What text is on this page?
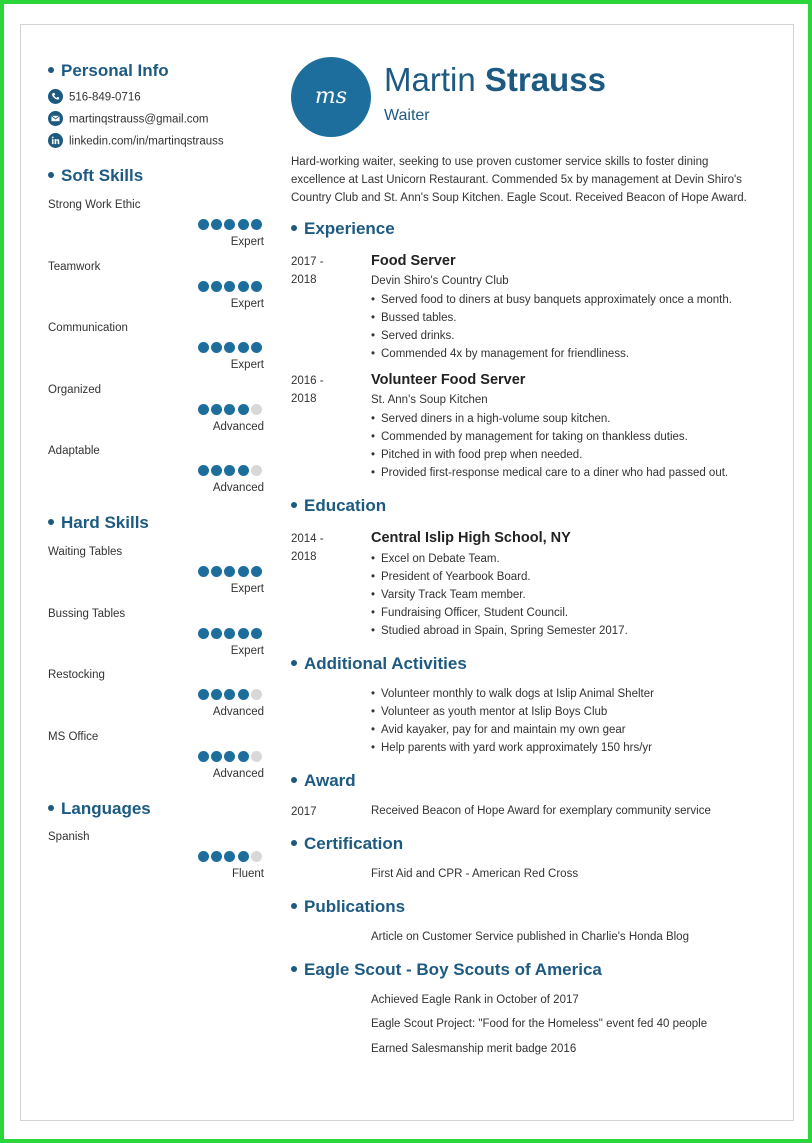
Personal Info
516-849-0716
martinqstrauss@gmail.com
linkedin.com/in/martinqstrauss
Soft Skills
Strong Work Ethic
Expert
Teamwork
Expert
Communication
Expert
Organized
Advanced
Adaptable
Advanced
Hard Skills
Waiting Tables
Expert
Bussing Tables
Expert
Restocking
Advanced
MS Office
Advanced
Languages
Spanish
Fluent
ms	Martin Strauss
Waiter
Hard-working waiter, seeking to use proven customer service skills to foster dining excellence at Last Unicorn Restaurant. Commended 5x by management at Devin Shiro's Country Club and St. Ann's Soup Kitchen. Eagle Scout. Received Beacon of Hope Award.
Experience
2017 -
2018
Food Server
Devin Shiro's Country Club
• Served food to diners at busy banquets approximately once a month.
• Bussed tables.
• Served drinks.
• Commended 4x by management for friendliness.
2016 -
2018
Volunteer Food Server
St. Ann's Soup Kitchen
• Served diners in a high-volume soup kitchen.
• Commended by management for taking on thankless duties.
• Pitched in with food prep when needed.
• Provided first-response medical care to a diner who had passed out.
Education
2014 -
2018
Central Islip High School, NY
• Excel on Debate Team.
• President of Yearbook Board.
• Varsity Track Team member.
• Fundraising Officer, Student Council.
• Studied abroad in Spain, Spring Semester 2017.
Additional Activities
• Volunteer monthly to walk dogs at Islip Animal Shelter
• Volunteer as youth mentor at Islip Boys Club
• Avid kayaker, pay for and maintain my own gear
• Help parents with yard work approximately 150 hrs/yr
Award
2017	Received Beacon of Hope Award for exemplary community service
Certification
First Aid and CPR - American Red Cross
Publications
Article on Customer Service published in Charlie's Honda Blog
Eagle Scout - Boy Scouts of America
Achieved Eagle Rank in October of 2017
Eagle Scout Project: "Food for the Homeless" event fed 40 people
Earned Salesmanship merit badge 2016
